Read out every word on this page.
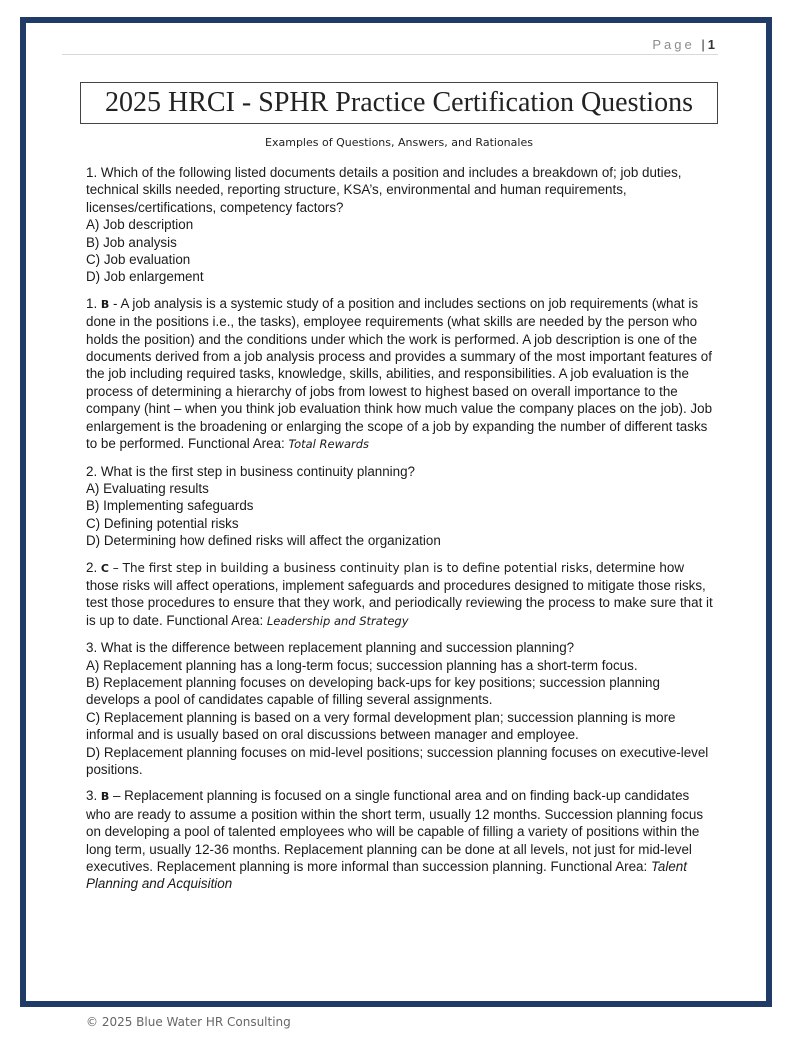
Page | 1
2025 HRCI - SPHR Practice Certification Questions
Examples of Questions, Answers, and Rationales

1. Which of the following listed documents details a position and includes a breakdown of; job duties, technical skills needed, reporting structure, KSA’s, environmental and human requirements, licenses/certifications, competency factors?

A) Job description

B) Job analysis

C) Job evaluation

D) Job enlargement

1. B - A job analysis is a systemic study of a position and includes sections on job requirements (what is done in the positions i.e., the tasks), employee requirements (what skills are needed by the person who holds the position) and the conditions under which the work is performed. A job description is one of the documents derived from a job analysis process and provides a summary of the most important features of the job including required tasks, knowledge, skills, abilities, and responsibilities. A job evaluation is the process of determining a hierarchy of jobs from lowest to highest based on overall importance to the company (hint – when you think job evaluation think how much value the company places on the job). Job enlargement is the broadening or enlarging the scope of a job by expanding the number of different tasks to be performed. Functional Area: Total Rewards

2. What is the first step in business continuity planning?

A) Evaluating results

B) Implementing safeguards

C) Defining potential risks

D) Determining how defined risks will affect the organization

2. C – The first step in building a business continuity plan is to define potential risks, determine how those risks will affect operations, implement safeguards and procedures designed to mitigate those risks, test those procedures to ensure that they work, and periodically reviewing the process to make sure that it is up to date. Functional Area: Leadership and Strategy

3. What is the difference between replacement planning and succession planning?

A) Replacement planning has a long-term focus; succession planning has a short-term focus.

B) Replacement planning focuses on developing back-ups for key positions; succession planning develops a pool of candidates capable of filling several assignments.

C) Replacement planning is based on a very formal development plan; succession planning is more informal and is usually based on oral discussions between manager and employee.

D) Replacement planning focuses on mid-level positions; succession planning focuses on executive-level positions.

3. B – Replacement planning is focused on a single functional area and on finding back-up candidates who are ready to assume a position within the short term, usually 12 months. Succession planning focus on developing a pool of talented employees who will be capable of filling a variety of positions within the long term, usually 12-36 months. Replacement planning can be done at all levels, not just for mid-level executives. Replacement planning is more informal than succession planning. Functional Area: Talent Planning and Acquisition

© 2025 Blue Water HR Consulting
